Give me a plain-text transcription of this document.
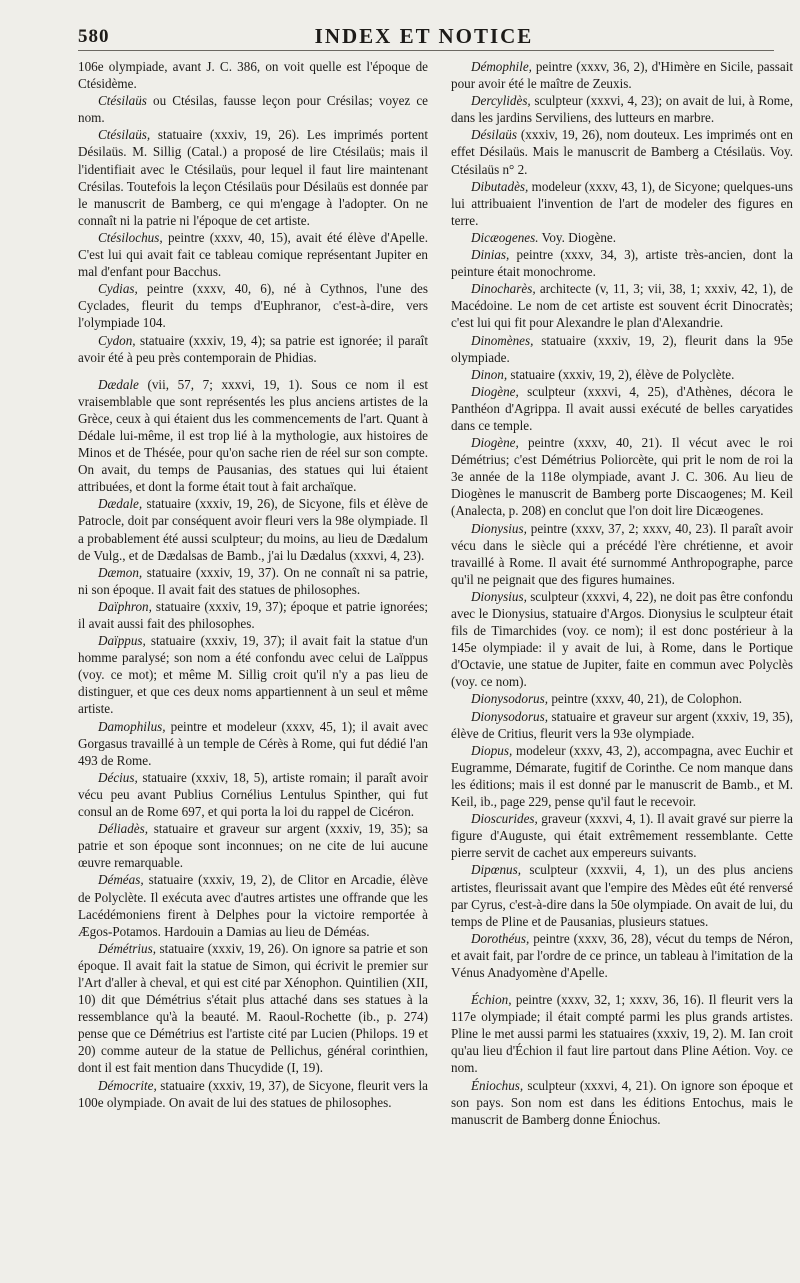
580	INDEX ET NOTICE

106e olympiade, avant J. C. 386, on voit quelle est l'époque de Ctésidème.

Ctésilaüs ou Ctésilas, fausse leçon pour Crésilas; voyez ce nom.

Ctésilaüs, statuaire (xxxiv, 19, 26). Les imprimés portent Désilaüs. M. Sillig (Catal.) a proposé de lire Ctésilaüs; mais il l'identifiait avec le Ctésilaüs, pour lequel il faut lire maintenant Crésilas. Toutefois la leçon Ctésilaüs pour Désilaüs est donnée par le manuscrit de Bamberg, ce qui m'engage à l'adopter. On ne connaît ni la patrie ni l'époque de cet artiste.

Ctésilochus, peintre (xxxv, 40, 15), avait été élève d'Apelle. C'est lui qui avait fait ce tableau comique représentant Jupiter en mal d'enfant pour Bacchus.

Cydias, peintre (xxxv, 40, 6), né à Cythnos, l'une des Cyclades, fleurit du temps d'Euphranor, c'est-à-dire, vers l'olympiade 104.

Cydon, statuaire (xxxiv, 19, 4); sa patrie est ignorée; il paraît avoir été à peu près contemporain de Phidias.

Dædale (vii, 57, 7; xxxvi, 19, 1). Sous ce nom il est vraisemblable que sont représentés les plus anciens artistes de la Grèce, ceux à qui étaient dus les commencements de l'art. Quant à Dédale lui-même, il est trop lié à la mythologie, aux histoires de Minos et de Thésée, pour qu'on sache rien de réel sur son compte. On avait, du temps de Pausanias, des statues qui lui étaient attribuées, et dont la forme était tout à fait archaïque.

Dædale, statuaire (xxxiv, 19, 26), de Sicyone, fils et élève de Patrocle, doit par conséquent avoir fleuri vers la 98e olympiade. Il a probablement été aussi sculpteur; du moins, au lieu de Dædalum de Vulg., et de Dædalsas de Bamb., j'ai lu Dædalus (xxxvi, 4, 23).

Dæmon, statuaire (xxxiv, 19, 37). On ne connaît ni sa patrie, ni son époque. Il avait fait des statues de philosophes.

Daïphron, statuaire (xxxiv, 19, 37); époque et patrie ignorées; il avait aussi fait des philosophes.

Daïppus, statuaire (xxxiv, 19, 37); il avait fait la statue d'un homme paralysé; son nom a été confondu avec celui de Laïppus (voy. ce mot); et même M. Sillig croit qu'il n'y a pas lieu de distinguer, et que ces deux noms appartiennent à un seul et même artiste.

Damophilus, peintre et modeleur (xxxv, 45, 1); il avait avec Gorgasus travaillé à un temple de Cérès à Rome, qui fut dédié l'an 493 de Rome.

Décius, statuaire (xxxiv, 18, 5), artiste romain; il paraît avoir vécu peu avant Publius Cornélius Lentulus Spinther, qui fut consul an de Rome 697, et qui porta la loi du rappel de Cicéron.

Déliadès, statuaire et graveur sur argent (xxxiv, 19, 35); sa patrie et son époque sont inconnues; on ne cite de lui aucune œuvre remarquable.

Déméas, statuaire (xxxiv, 19, 2), de Clitor en Arcadie, élève de Polyclète. Il exécuta avec d'autres artistes une offrande que les Lacédémoniens firent à Delphes pour la victoire remportée à Ægos-Potamos. Hardouin a Damias au lieu de Déméas.

Démétrius, statuaire (xxxiv, 19, 26). On ignore sa patrie et son époque. Il avait fait la statue de Simon, qui écrivit le premier sur l'Art d'aller à cheval, et qui est cité par Xénophon. Quintilien (XII, 10) dit que Démétrius s'était plus attaché dans ses statues à la ressemblance qu'à la beauté. M. Raoul-Rochette (ib., p. 274) pense que ce Démétrius est l'artiste cité par Lucien (Philops. 19 et 20) comme auteur de la statue de Pellichus, général corinthien, dont il est fait mention dans Thucydide (I, 19).

Démocrite, statuaire (xxxiv, 19, 37), de Sicyone, fleurit vers la 100e olympiade. On avait de lui des statues de philosophes.

Démophile, peintre (xxxv, 36, 2), d'Himère en Sicile, passait pour avoir été le maître de Zeuxis.

Dercylidès, sculpteur (xxxvi, 4, 23); on avait de lui, à Rome, dans les jardins Serviliens, des lutteurs en marbre.

Désilaüs (xxxiv, 19, 26), nom douteux. Les imprimés ont en effet Désilaüs. Mais le manuscrit de Bamberg a Ctésilaüs. Voy. Ctésilaüs n° 2.

Dibutadès, modeleur (xxxv, 43, 1), de Sicyone; quelques-uns lui attribuaient l'invention de l'art de modeler des figures en terre.

Dicæogenes. Voy. Diogène.

Dinias, peintre (xxxv, 34, 3), artiste très-ancien, dont la peinture était monochrome.

Dinocharès, architecte (v, 11, 3; vii, 38, 1; xxxiv, 42, 1), de Macédoine. Le nom de cet artiste est souvent écrit Dinocratès; c'est lui qui fit pour Alexandre le plan d'Alexandrie.

Dinomènes, statuaire (xxxiv, 19, 2), fleurit dans la 95e olympiade.

Dinon, statuaire (xxxiv, 19, 2), élève de Polyclète.

Diogène, sculpteur (xxxvi, 4, 25), d'Athènes, décora le Panthéon d'Agrippa. Il avait aussi exécuté de belles caryatides dans ce temple.

Diogène, peintre (xxxv, 40, 21). Il vécut avec le roi Démétrius; c'est Démétrius Poliorcète, qui prit le nom de roi la 3e année de la 118e olympiade, avant J. C. 306. Au lieu de Diogènes le manuscrit de Bamberg porte Discaogenes; M. Keil (Analecta, p. 208) en conclut que l'on doit lire Dicæogenes.

Dionysius, peintre (xxxv, 37, 2; xxxv, 40, 23). Il paraît avoir vécu dans le siècle qui a précédé l'ère chrétienne, et avoir travaillé à Rome. Il avait été surnommé Anthropographe, parce qu'il ne peignait que des figures humaines.

Dionysius, sculpteur (xxxvi, 4, 22), ne doit pas être confondu avec le Dionysius, statuaire d'Argos. Dionysius le sculpteur était fils de Timarchides (voy. ce nom); il est donc postérieur à la 145e olympiade: il y avait de lui, à Rome, dans le Portique d'Octavie, une statue de Jupiter, faite en commun avec Polyclès (voy. ce nom).

Dionysodorus, peintre (xxxv, 40, 21), de Colophon.

Dionysodorus, statuaire et graveur sur argent (xxxiv, 19, 35), élève de Critius, fleurit vers la 93e olympiade.

Diopus, modeleur (xxxv, 43, 2), accompagna, avec Euchir et Eugramme, Démarate, fugitif de Corinthe. Ce nom manque dans les éditions; mais il est donné par le manuscrit de Bamb., et M. Keil, ib., page 229, pense qu'il faut le recevoir.

Dioscurides, graveur (xxxvi, 4, 1). Il avait gravé sur pierre la figure d'Auguste, qui était extrêmement ressemblante. Cette pierre servit de cachet aux empereurs suivants.

Dipœnus, sculpteur (xxxvii, 4, 1), un des plus anciens artistes, fleurissait avant que l'empire des Mèdes eût été renversé par Cyrus, c'est-à-dire dans la 50e olympiade. On avait de lui, du temps de Pline et de Pausanias, plusieurs statues.

Dorothéus, peintre (xxxv, 36, 28), vécut du temps de Néron, et avait fait, par l'ordre de ce prince, un tableau à l'imitation de la Vénus Anadyomène d'Apelle.

Échion, peintre (xxxv, 32, 1; xxxv, 36, 16). Il fleurit vers la 117e olympiade; il était compté parmi les plus grands artistes. Pline le met aussi parmi les statuaires (xxxiv, 19, 2). M. Ian croit qu'au lieu d'Échion il faut lire partout dans Pline Aétion. Voy. ce nom.

Éniochus, sculpteur (xxxvi, 4, 21). On ignore son époque et son pays. Son nom est dans les éditions Entochus, mais le manuscrit de Bamberg donne Éniochus.
